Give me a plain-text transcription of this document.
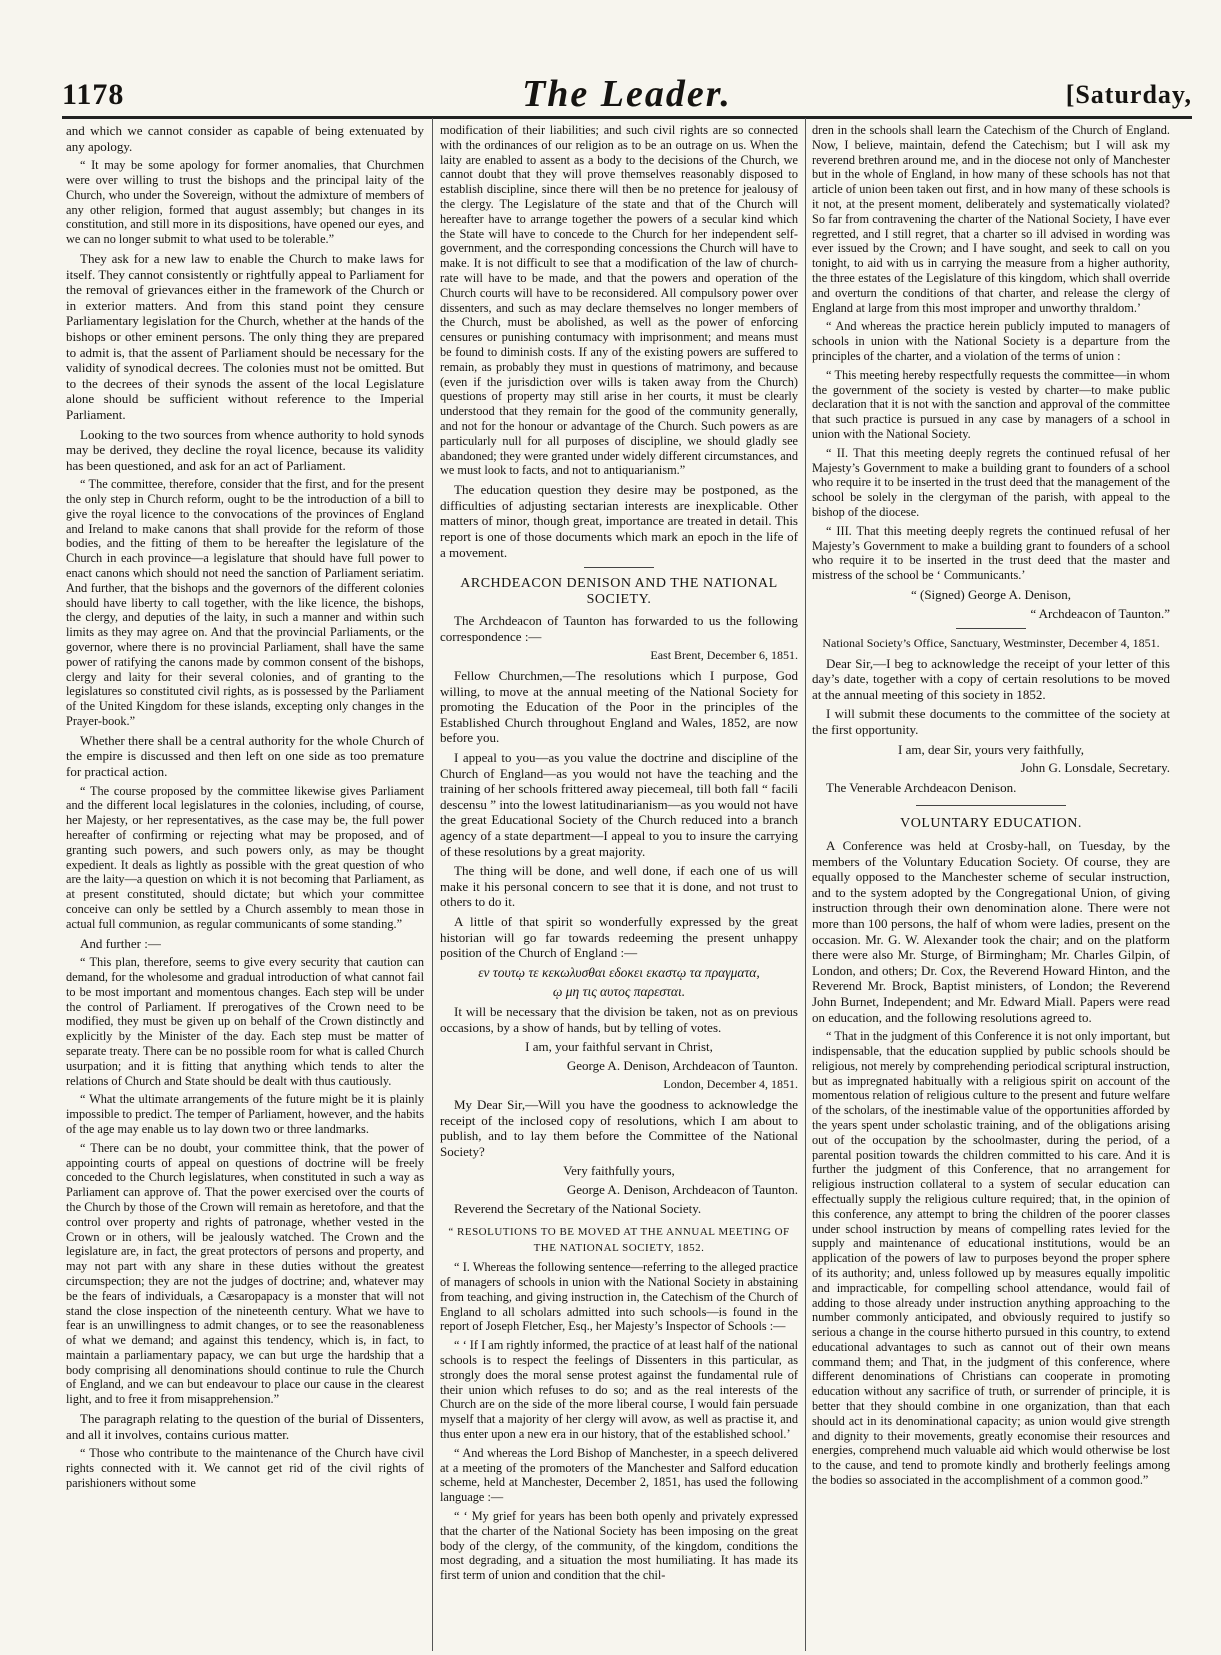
1178	The Leader.	[Saturday,

and which we cannot consider as capable of being extenuated by any apology.

“ It may be some apology for former anomalies, that Churchmen were over willing to trust the bishops and the principal laity of the Church, who under the Sovereign, without the admixture of members of any other religion, formed that august assembly; but changes in its constitution, and still more in its dispositions, have opened our eyes, and we can no longer submit to what used to be tolerable.”

They ask for a new law to enable the Church to make laws for itself. They cannot consistently or rightfully appeal to Parliament for the removal of grievances either in the framework of the Church or in exterior matters. And from this stand point they censure Parliamentary legislation for the Church, whether at the hands of the bishops or other eminent persons. The only thing they are prepared to admit is, that the assent of Parliament should be necessary for the validity of synodical decrees. The colonies must not be omitted. But to the decrees of their synods the assent of the local Legislature alone should be sufficient without reference to the Imperial Parliament.

Looking to the two sources from whence authority to hold synods may be derived, they decline the royal licence, because its validity has been questioned, and ask for an act of Parliament.

“ The committee, therefore, consider that the first, and for the present the only step in Church reform, ought to be the introduction of a bill to give the royal licence to the convocations of the provinces of England and Ireland to make canons that shall provide for the reform of those bodies, and the fitting of them to be hereafter the legislature of the Church in each province—a legislature that should have full power to enact canons which should not need the sanction of Parliament seriatim. And further, that the bishops and the governors of the different colonies should have liberty to call together, with the like licence, the bishops, the clergy, and deputies of the laity, in such a manner and within such limits as they may agree on. And that the provincial Parliaments, or the governor, where there is no provincial Parliament, shall have the same power of ratifying the canons made by common consent of the bishops, clergy and laity for their several colonies, and of granting to the legislatures so constituted civil rights, as is possessed by the Parliament of the United Kingdom for these islands, excepting only changes in the Prayer-book.”

Whether there shall be a central authority for the whole Church of the empire is discussed and then left on one side as too premature for practical action.

“ The course proposed by the committee likewise gives Parliament and the different local legislatures in the colonies, including, of course, her Majesty, or her representatives, as the case may be, the full power hereafter of confirming or rejecting what may be proposed, and of granting such powers, and such powers only, as may be thought expedient. It deals as lightly as possible with the great question of who are the laity—a question on which it is not becoming that Parliament, as at present constituted, should dictate; but which your committee conceive can only be settled by a Church assembly to mean those in actual full communion, as regular communicants of some standing.”

And further :—

“ This plan, therefore, seems to give every security that caution can demand, for the wholesome and gradual introduction of what cannot fail to be most important and momentous changes. Each step will be under the control of Parliament. If prerogatives of the Crown need to be modified, they must be given up on behalf of the Crown distinctly and explicitly by the Minister of the day. Each step must be matter of separate treaty. There can be no possible room for what is called Church usurpation; and it is fitting that anything which tends to alter the relations of Church and State should be dealt with thus cautiously.

“ What the ultimate arrangements of the future might be it is plainly impossible to predict. The temper of Parliament, however, and the habits of the age may enable us to lay down two or three landmarks.

“ There can be no doubt, your committee think, that the power of appointing courts of appeal on questions of doctrine will be freely conceded to the Church legislatures, when constituted in such a way as Parliament can approve of. That the power exercised over the courts of the Church by those of the Crown will remain as heretofore, and that the control over property and rights of patronage, whether vested in the Crown or in others, will be jealously watched. The Crown and the legislature are, in fact, the great protectors of persons and property, and may not part with any share in these duties without the greatest circumspection; they are not the judges of doctrine; and, whatever may be the fears of individuals, a Cæsaropapacy is a monster that will not stand the close inspection of the nineteenth century. What we have to fear is an unwillingness to admit changes, or to see the reasonableness of what we demand; and against this tendency, which is, in fact, to maintain a parliamentary papacy, we can but urge the hardship that a body comprising all denominations should continue to rule the Church of England, and we can but endeavour to place our cause in the clearest light, and to free it from misapprehension.”

The paragraph relating to the question of the burial of Dissenters, and all it involves, contains curious matter.

“ Those who contribute to the maintenance of the Church have civil rights connected with it. We cannot get rid of the civil rights of parishioners without some

modification of their liabilities; and such civil rights are so connected with the ordinances of our religion as to be an outrage on us. When the laity are enabled to assent as a body to the decisions of the Church, we cannot doubt that they will prove themselves reasonably disposed to establish discipline, since there will then be no pretence for jealousy of the clergy. The Legislature of the state and that of the Church will hereafter have to arrange together the powers of a secular kind which the State will have to concede to the Church for her independent self-government, and the corresponding concessions the Church will have to make. It is not difficult to see that a modification of the law of church-rate will have to be made, and that the powers and operation of the Church courts will have to be reconsidered. All compulsory power over dissenters, and such as may declare themselves no longer members of the Church, must be abolished, as well as the power of enforcing censures or punishing contumacy with imprisonment; and means must be found to diminish costs. If any of the existing powers are suffered to remain, as probably they must in questions of matrimony, and because (even if the jurisdiction over wills is taken away from the Church) questions of property may still arise in her courts, it must be clearly understood that they remain for the good of the community generally, and not for the honour or advantage of the Church. Such powers as are particularly null for all purposes of discipline, we should gladly see abandoned; they were granted under widely different circumstances, and we must look to facts, and not to antiquarianism.”

The education question they desire may be postponed, as the difficulties of adjusting sectarian interests are inexplicable. Other matters of minor, though great, importance are treated in detail. This report is one of those documents which mark an epoch in the life of a movement.

ARCHDEACON DENISON AND THE NATIONAL SOCIETY.

The Archdeacon of Taunton has forwarded to us the following correspondence :—

East Brent, December 6, 1851.

Fellow Churchmen,—The resolutions which I purpose, God willing, to move at the annual meeting of the National Society for promoting the Education of the Poor in the principles of the Established Church throughout England and Wales, 1852, are now before you.

I appeal to you—as you value the doctrine and discipline of the Church of England—as you would not have the teaching and the training of her schools frittered away piecemeal, till both fall “ facili descensu ” into the lowest latitudinarianism—as you would not have the great Educational Society of the Church reduced into a branch agency of a state department—I appeal to you to insure the carrying of these resolutions by a great majority.

The thing will be done, and well done, if each one of us will make it his personal concern to see that it is done, and not trust to others to do it.

A little of that spirit so wonderfully expressed by the great historian will go far towards redeeming the present unhappy position of the Church of England :—

εν τουτῳ τε κεκωλυσθαι εδοκει εκαστῳ τα πραγματα,

ῳ μη τις αυτος παρεσται.

It will be necessary that the division be taken, not as on previous occasions, by a show of hands, but by telling of votes.

I am, your faithful servant in Christ,

George A. Denison, Archdeacon of Taunton.

London, December 4, 1851.

My Dear Sir,—Will you have the goodness to acknowledge the receipt of the inclosed copy of resolutions, which I am about to publish, and to lay them before the Committee of the National Society?

Very faithfully yours,

George A. Denison, Archdeacon of Taunton.

Reverend the Secretary of the National Society.

“ RESOLUTIONS TO BE MOVED AT THE ANNUAL MEETING OF THE NATIONAL SOCIETY, 1852.

“ I. Whereas the following sentence—referring to the alleged practice of managers of schools in union with the National Society in abstaining from teaching, and giving instruction in, the Catechism of the Church of England to all scholars admitted into such schools—is found in the report of Joseph Fletcher, Esq., her Majesty’s Inspector of Schools :—

“ ‘ If I am rightly informed, the practice of at least half of the national schools is to respect the feelings of Dissenters in this particular, as strongly does the moral sense protest against the fundamental rule of their union which refuses to do so; and as the real interests of the Church are on the side of the more liberal course, I would fain persuade myself that a majority of her clergy will avow, as well as practise it, and thus enter upon a new era in our history, that of the established school.’

“ And whereas the Lord Bishop of Manchester, in a speech delivered at a meeting of the promoters of the Manchester and Salford education scheme, held at Manchester, December 2, 1851, has used the following language :—

“ ‘ My grief for years has been both openly and privately expressed that the charter of the National Society has been imposing on the great body of the clergy, of the community, of the kingdom, conditions the most degrading, and a situation the most humiliating. It has made its first term of union and condition that the chil-

dren in the schools shall learn the Catechism of the Church of England. Now, I believe, maintain, defend the Catechism; but I will ask my reverend brethren around me, and in the diocese not only of Manchester but in the whole of England, in how many of these schools has not that article of union been taken out first, and in how many of these schools is it not, at the present moment, deliberately and systematically violated? So far from contravening the charter of the National Society, I have ever regretted, and I still regret, that a charter so ill advised in wording was ever issued by the Crown; and I have sought, and seek to call on you tonight, to aid with us in carrying the measure from a higher authority, the three estates of the Legislature of this kingdom, which shall override and overturn the conditions of that charter, and release the clergy of England at large from this most improper and unworthy thraldom.’

“ And whereas the practice herein publicly imputed to managers of schools in union with the National Society is a departure from the principles of the charter, and a violation of the terms of union :

“ This meeting hereby respectfully requests the committee—in whom the government of the society is vested by charter—to make public declaration that it is not with the sanction and approval of the committee that such practice is pursued in any case by managers of a school in union with the National Society.

“ II. That this meeting deeply regrets the continued refusal of her Majesty’s Government to make a building grant to founders of a school who require it to be inserted in the trust deed that the management of the school be solely in the clergyman of the parish, with appeal to the bishop of the diocese.

“ III. That this meeting deeply regrets the continued refusal of her Majesty’s Government to make a building grant to founders of a school who require it to be inserted in the trust deed that the master and mistress of the school be ‘ Communicants.’

“ (Signed) George A. Denison,

“ Archdeacon of Taunton.”

National Society’s Office, Sanctuary, Westminster, December 4, 1851.

Dear Sir,—I beg to acknowledge the receipt of your letter of this day’s date, together with a copy of certain resolutions to be moved at the annual meeting of this society in 1852.

I will submit these documents to the committee of the society at the first opportunity.

I am, dear Sir, yours very faithfully,

John G. Lonsdale, Secretary.

The Venerable Archdeacon Denison.

VOLUNTARY EDUCATION.

A Conference was held at Crosby-hall, on Tuesday, by the members of the Voluntary Education Society. Of course, they are equally opposed to the Manchester scheme of secular instruction, and to the system adopted by the Congregational Union, of giving instruction through their own denomination alone. There were not more than 100 persons, the half of whom were ladies, present on the occasion. Mr. G. W. Alexander took the chair; and on the platform there were also Mr. Sturge, of Birmingham; Mr. Charles Gilpin, of London, and others; Dr. Cox, the Reverend Howard Hinton, and the Reverend Mr. Brock, Baptist ministers, of London; the Reverend John Burnet, Independent; and Mr. Edward Miall. Papers were read on education, and the following resolutions agreed to.

“ That in the judgment of this Conference it is not only important, but indispensable, that the education supplied by public schools should be religious, not merely by comprehending periodical scriptural instruction, but as impregnated habitually with a religious spirit on account of the momentous relation of religious culture to the present and future welfare of the scholars, of the inestimable value of the opportunities afforded by the years spent under scholastic training, and of the obligations arising out of the occupation by the schoolmaster, during the period, of a parental position towards the children committed to his care. And it is further the judgment of this Conference, that no arrangement for religious instruction collateral to a system of secular education can effectually supply the religious culture required; that, in the opinion of this conference, any attempt to bring the children of the poorer classes under school instruction by means of compelling rates levied for the supply and maintenance of educational institutions, would be an application of the powers of law to purposes beyond the proper sphere of its authority; and, unless followed up by measures equally impolitic and impracticable, for compelling school attendance, would fail of adding to those already under instruction anything approaching to the number commonly anticipated, and obviously required to justify so serious a change in the course hitherto pursued in this country, to extend educational advantages to such as cannot out of their own means command them; and That, in the judgment of this conference, where different denominations of Christians can cooperate in promoting education without any sacrifice of truth, or surrender of principle, it is better that they should combine in one organization, than that each should act in its denominational capacity; as union would give strength and dignity to their movements, greatly economise their resources and energies, comprehend much valuable aid which would otherwise be lost to the cause, and tend to promote kindly and brotherly feelings among the bodies so associated in the accomplishment of a common good.”
